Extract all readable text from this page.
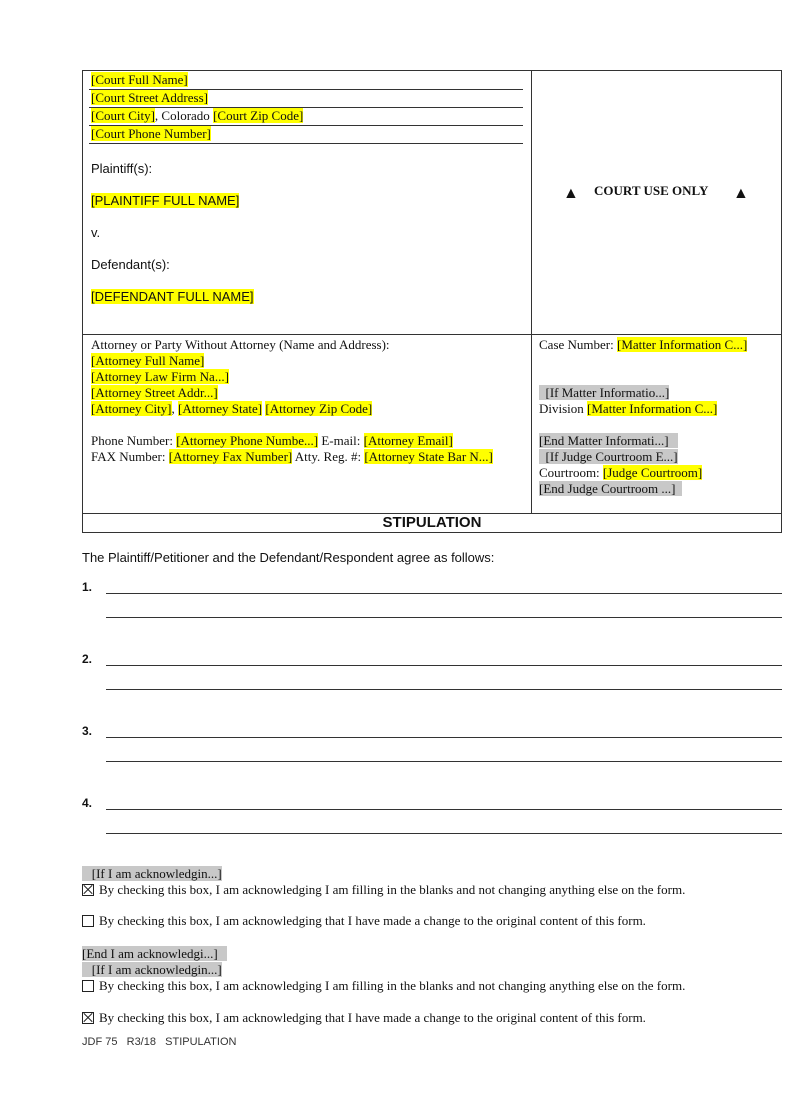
[Court Full Name]
[Court Street Address]
[Court City], Colorado [Court Zip Code]
[Court Phone Number]
Plaintiff(s):
[PLAINTIFF FULL NAME]
v.
Defendant(s):
[DEFENDANT FULL NAME]
▲ COURT USE ONLY ▲
Attorney or Party Without Attorney (Name and Address):
[Attorney Full Name]
[Attorney Law Firm Na...]
[Attorney Street Addr...]
[Attorney City], [Attorney State] [Attorney Zip Code]
Phone Number: [Attorney Phone Numbe...] E-mail: [Attorney Email]
FAX Number: [Attorney Fax Number] Atty. Reg. #: [Attorney State Bar N...]
Case Number: [Matter Information C...]
[If Matter Informatio...]
Division [Matter Information C...]
[End Matter Informati...]
[If Judge Courtroom E...]
Courtroom: [Judge Courtroom]
[End Judge Courtroom ...]
STIPULATION
The Plaintiff/Petitioner and the Defendant/Respondent agree as follows:
1.
2.
3.
4.
[If I am acknowledgin...]
By checking this box, I am acknowledging I am filling in the blanks and not changing anything else on the form.
By checking this box, I am acknowledging that I have made a change to the original content of this form.
[End I am acknowledgi...]
[If I am acknowledgin...]
By checking this box, I am acknowledging I am filling in the blanks and not changing anything else on the form.
By checking this box, I am acknowledging that I have made a change to the original content of this form.
JDF 75   R3/18   STIPULATION
